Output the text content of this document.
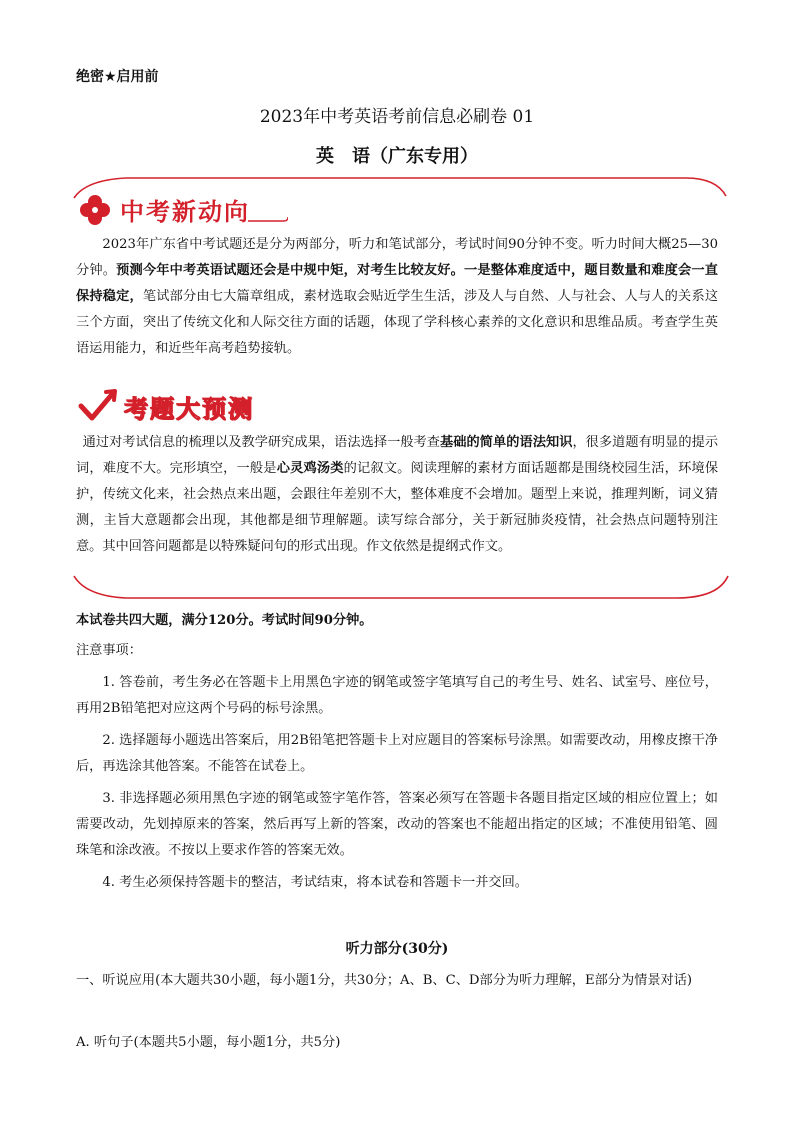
绝密★启用前
2023年中考英语考前信息必刷卷 01
英　语（广东专用）
中考新动向
2023年广东省中考试题还是分为两部分，听力和笔试部分，考试时间90分钟不变。听力时间大概25—30分钟。预测今年中考英语试题还会是中规中矩，对考生比较友好。一是整体难度适中，题目数量和难度会一直保持稳定，笔试部分由七大篇章组成，素材选取会贴近学生生活，涉及人与自然、人与社会、人与人的关系这三个方面，突出了传统文化和人际交往方面的话题，体现了学科核心素养的文化意识和思维品质。考查学生英语运用能力，和近些年高考趋势接轨。
考题大预测
通过对考试信息的梳理以及教学研究成果，语法选择一般考查基础的简单的语法知识，很多道题有明显的提示词，难度不大。完形填空，一般是心灵鸡汤类的记叙文。阅读理解的素材方面话题都是围绕校园生活，环境保护，传统文化来，社会热点来出题，会跟往年差别不大，整体难度不会增加。题型上来说，推理判断，词义猜测，主旨大意题都会出现，其他都是细节理解题。读写综合部分，关于新冠肺炎疫情，社会热点问题特别注意。其中回答问题都是以特殊疑问句的形式出现。作文依然是提纲式作文。
本试卷共四大题，满分120分。考试时间90分钟。
注意事项：
1. 答卷前，考生务必在答题卡上用黑色字迹的钢笔或签字笔填写自己的考生号、姓名、试室号、座位号，再用2B铅笔把对应这两个号码的标号涂黑。
2. 选择题每小题选出答案后，用2B铅笔把答题卡上对应题目的答案标号涂黑。如需要改动，用橡皮擦干净后，再选涂其他答案。不能答在试卷上。
3. 非选择题必须用黑色字迹的钢笔或签字笔作答，答案必须写在答题卡各题目指定区域的相应位置上；如需要改动，先划掉原来的答案，然后再写上新的答案，改动的答案也不能超出指定的区域；不准使用铅笔、圆珠笔和涂改液。不按以上要求作答的答案无效。
4. 考生必须保持答题卡的整洁，考试结束，将本试卷和答题卡一并交回。
听力部分(30分)
一、听说应用(本大题共30小题，每小题1分，共30分；A、B、C、D部分为听力理解，E部分为情景对话)
A. 听句子(本题共5小题，每小题1分，共5分)
